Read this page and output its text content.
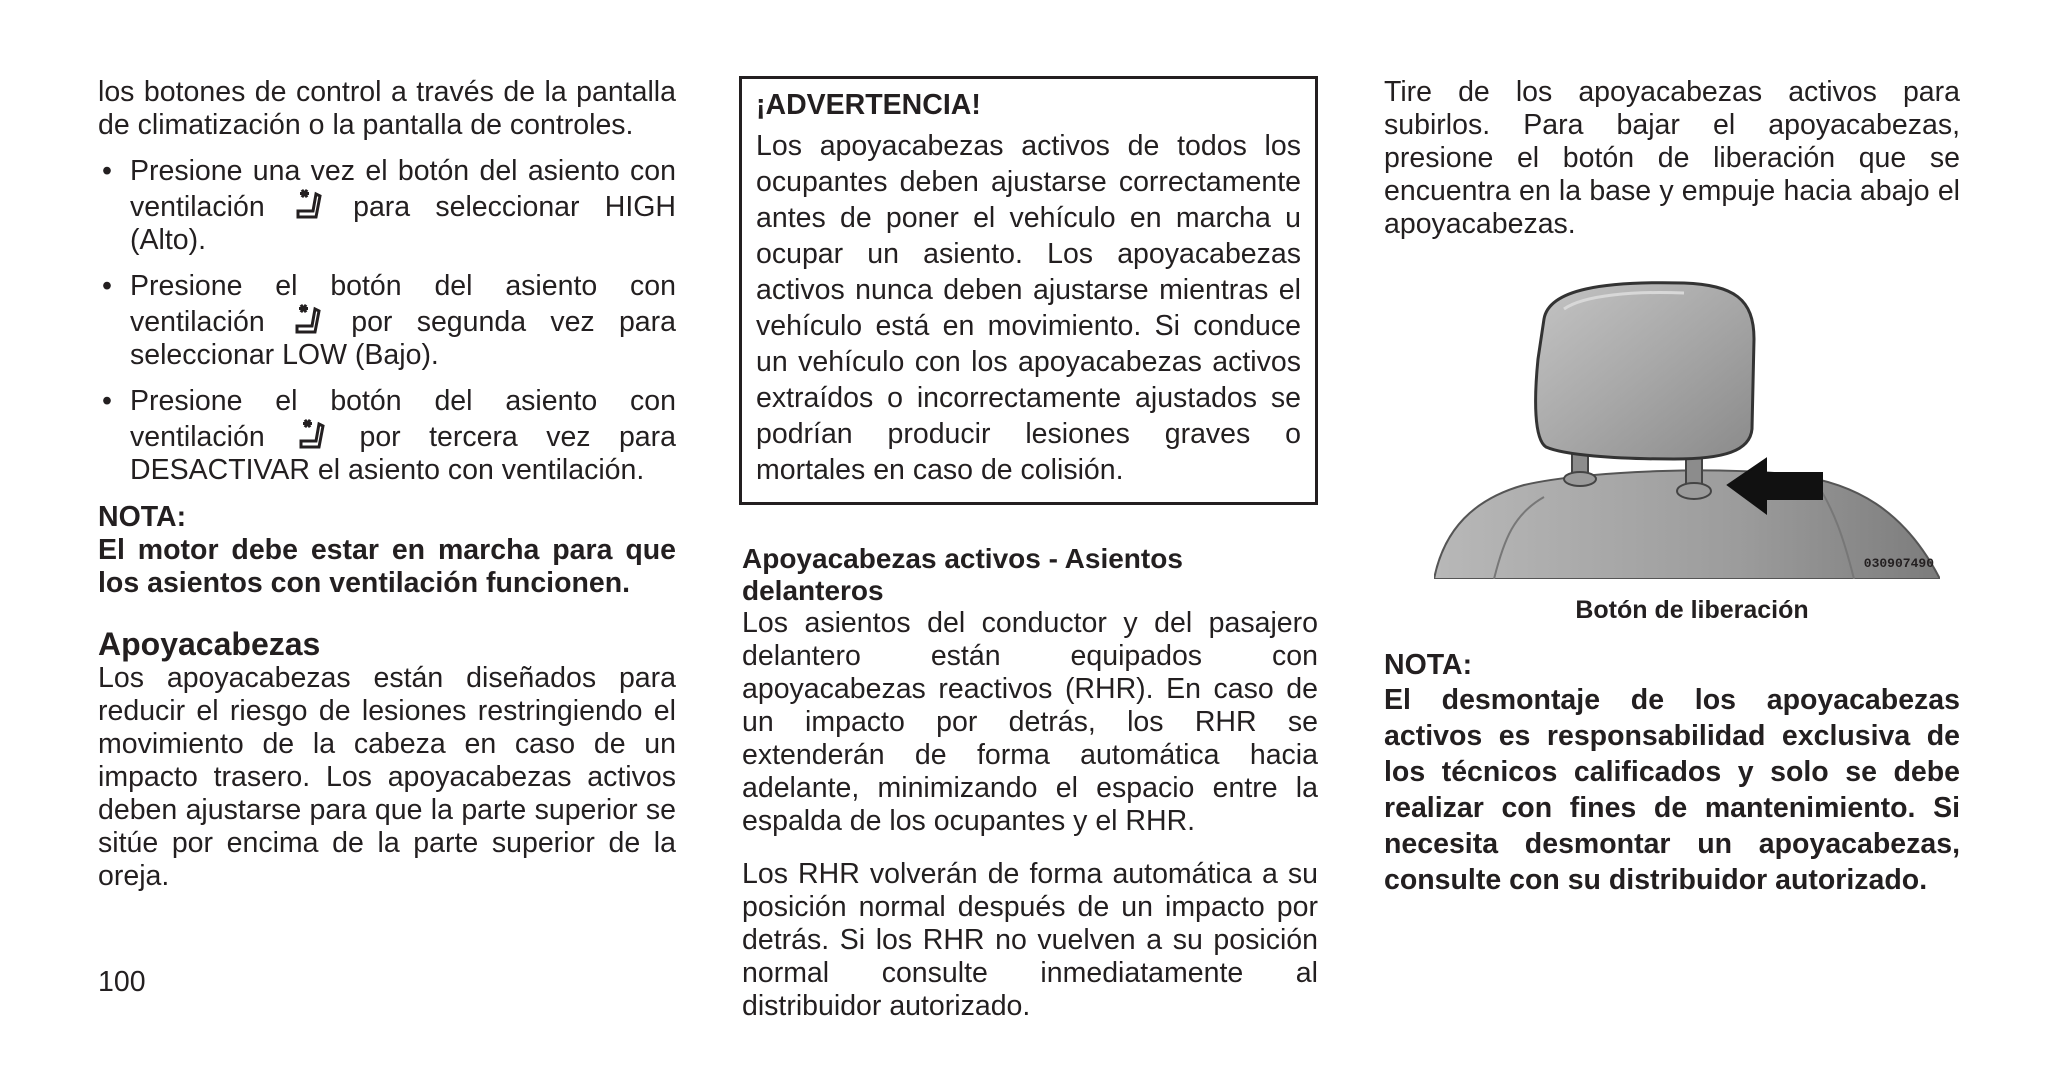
los botones de control a través de la pantalla de climatización o la pantalla de controles.

• Presione una vez el botón del asiento con ventilación	para seleccionar HIGH (Alto).
• Presione el botón del asiento con ventilación	por segunda vez para seleccionar LOW (Bajo).
• Presione el botón del asiento con ventilación	por tercera vez para DESACTIVAR el asiento con ventilación.

NOTA:

El motor debe estar en marcha para que los asientos con ventilación funcionen.

Apoyacabezas

Los apoyacabezas están diseñados para reducir el riesgo de lesiones restringiendo el movimiento de la cabeza en caso de un impacto trasero. Los apoyacabezas activos deben ajustarse para que la parte superior se sitúe por encima de la parte superior de la oreja.

¡ADVERTENCIA!

Los apoyacabezas activos de todos los ocupantes deben ajustarse correctamente antes de poner el vehículo en marcha u ocupar un asiento. Los apoyacabezas activos nunca deben ajustarse mientras el vehículo está en movimiento. Si conduce un vehículo con los apoyacabezas activos extraídos o incorrectamente ajustados se podrían producir lesiones graves o mortales en caso de colisión.

Apoyacabezas activos - Asientos delanteros

Los asientos del conductor y del pasajero delantero están equipados con apoyacabezas reactivos (RHR). En caso de un impacto por detrás, los RHR se extenderán de forma automática hacia adelante, minimizando el espacio entre la espalda de los ocupantes y el RHR.

Los RHR volverán de forma automática a su posición normal después de un impacto por detrás. Si los RHR no vuelven a su posición normal consulte inmediatamente al distribuidor autorizado.

Tire de los apoyacabezas activos para subirlos. Para bajar el apoyacabezas, presione el botón de liberación que se encuentra en la base y empuje hacia abajo el apoyacabezas.

030907490

Botón de liberación

NOTA:

El desmontaje de los apoyacabezas activos es responsabilidad exclusiva de los técnicos calificados y solo se debe realizar con fines de mantenimiento. Si necesita desmontar un apoyacabezas, consulte con su distribuidor autorizado.

100
